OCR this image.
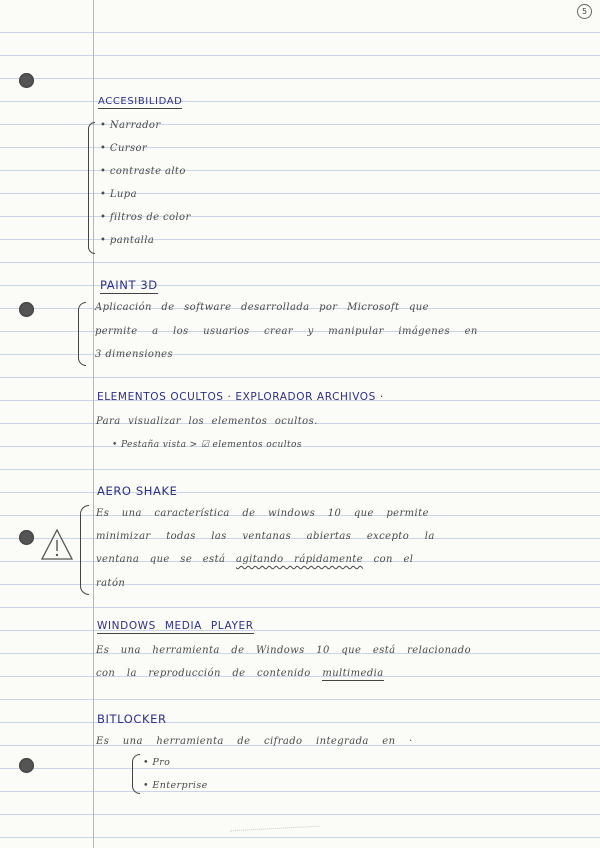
5
ACCESIBILIDAD
• Narrador
• Cursor
• contraste alto
• Lupa
• filtros de color
• pantalla
PAINT 3D
Aplicación de software desarrollada por Microsoft que
permite a los usuarios crear y manipular imágenes en
3 dimensiones
ELEMENTOS OCULTOS · EXPLORADOR ARCHIVOS ·
Para visualizar los elementos ocultos.
• Pestaña vista > ☑ elementos ocultos
AERO SHAKE
Es una característica de windows 10 que permite
minimizar todas las ventanas abiertas excepto la
ventana que se está agitando rápidamente con el
ratón
WINDOWS MEDIA PLAYER
Es una herramienta de Windows 10 que está relacionado
con la reproducción de contenido multimedia
BITLOCKER
Es una herramienta de cifrado integrada en ·
• Pro
• Enterprise
